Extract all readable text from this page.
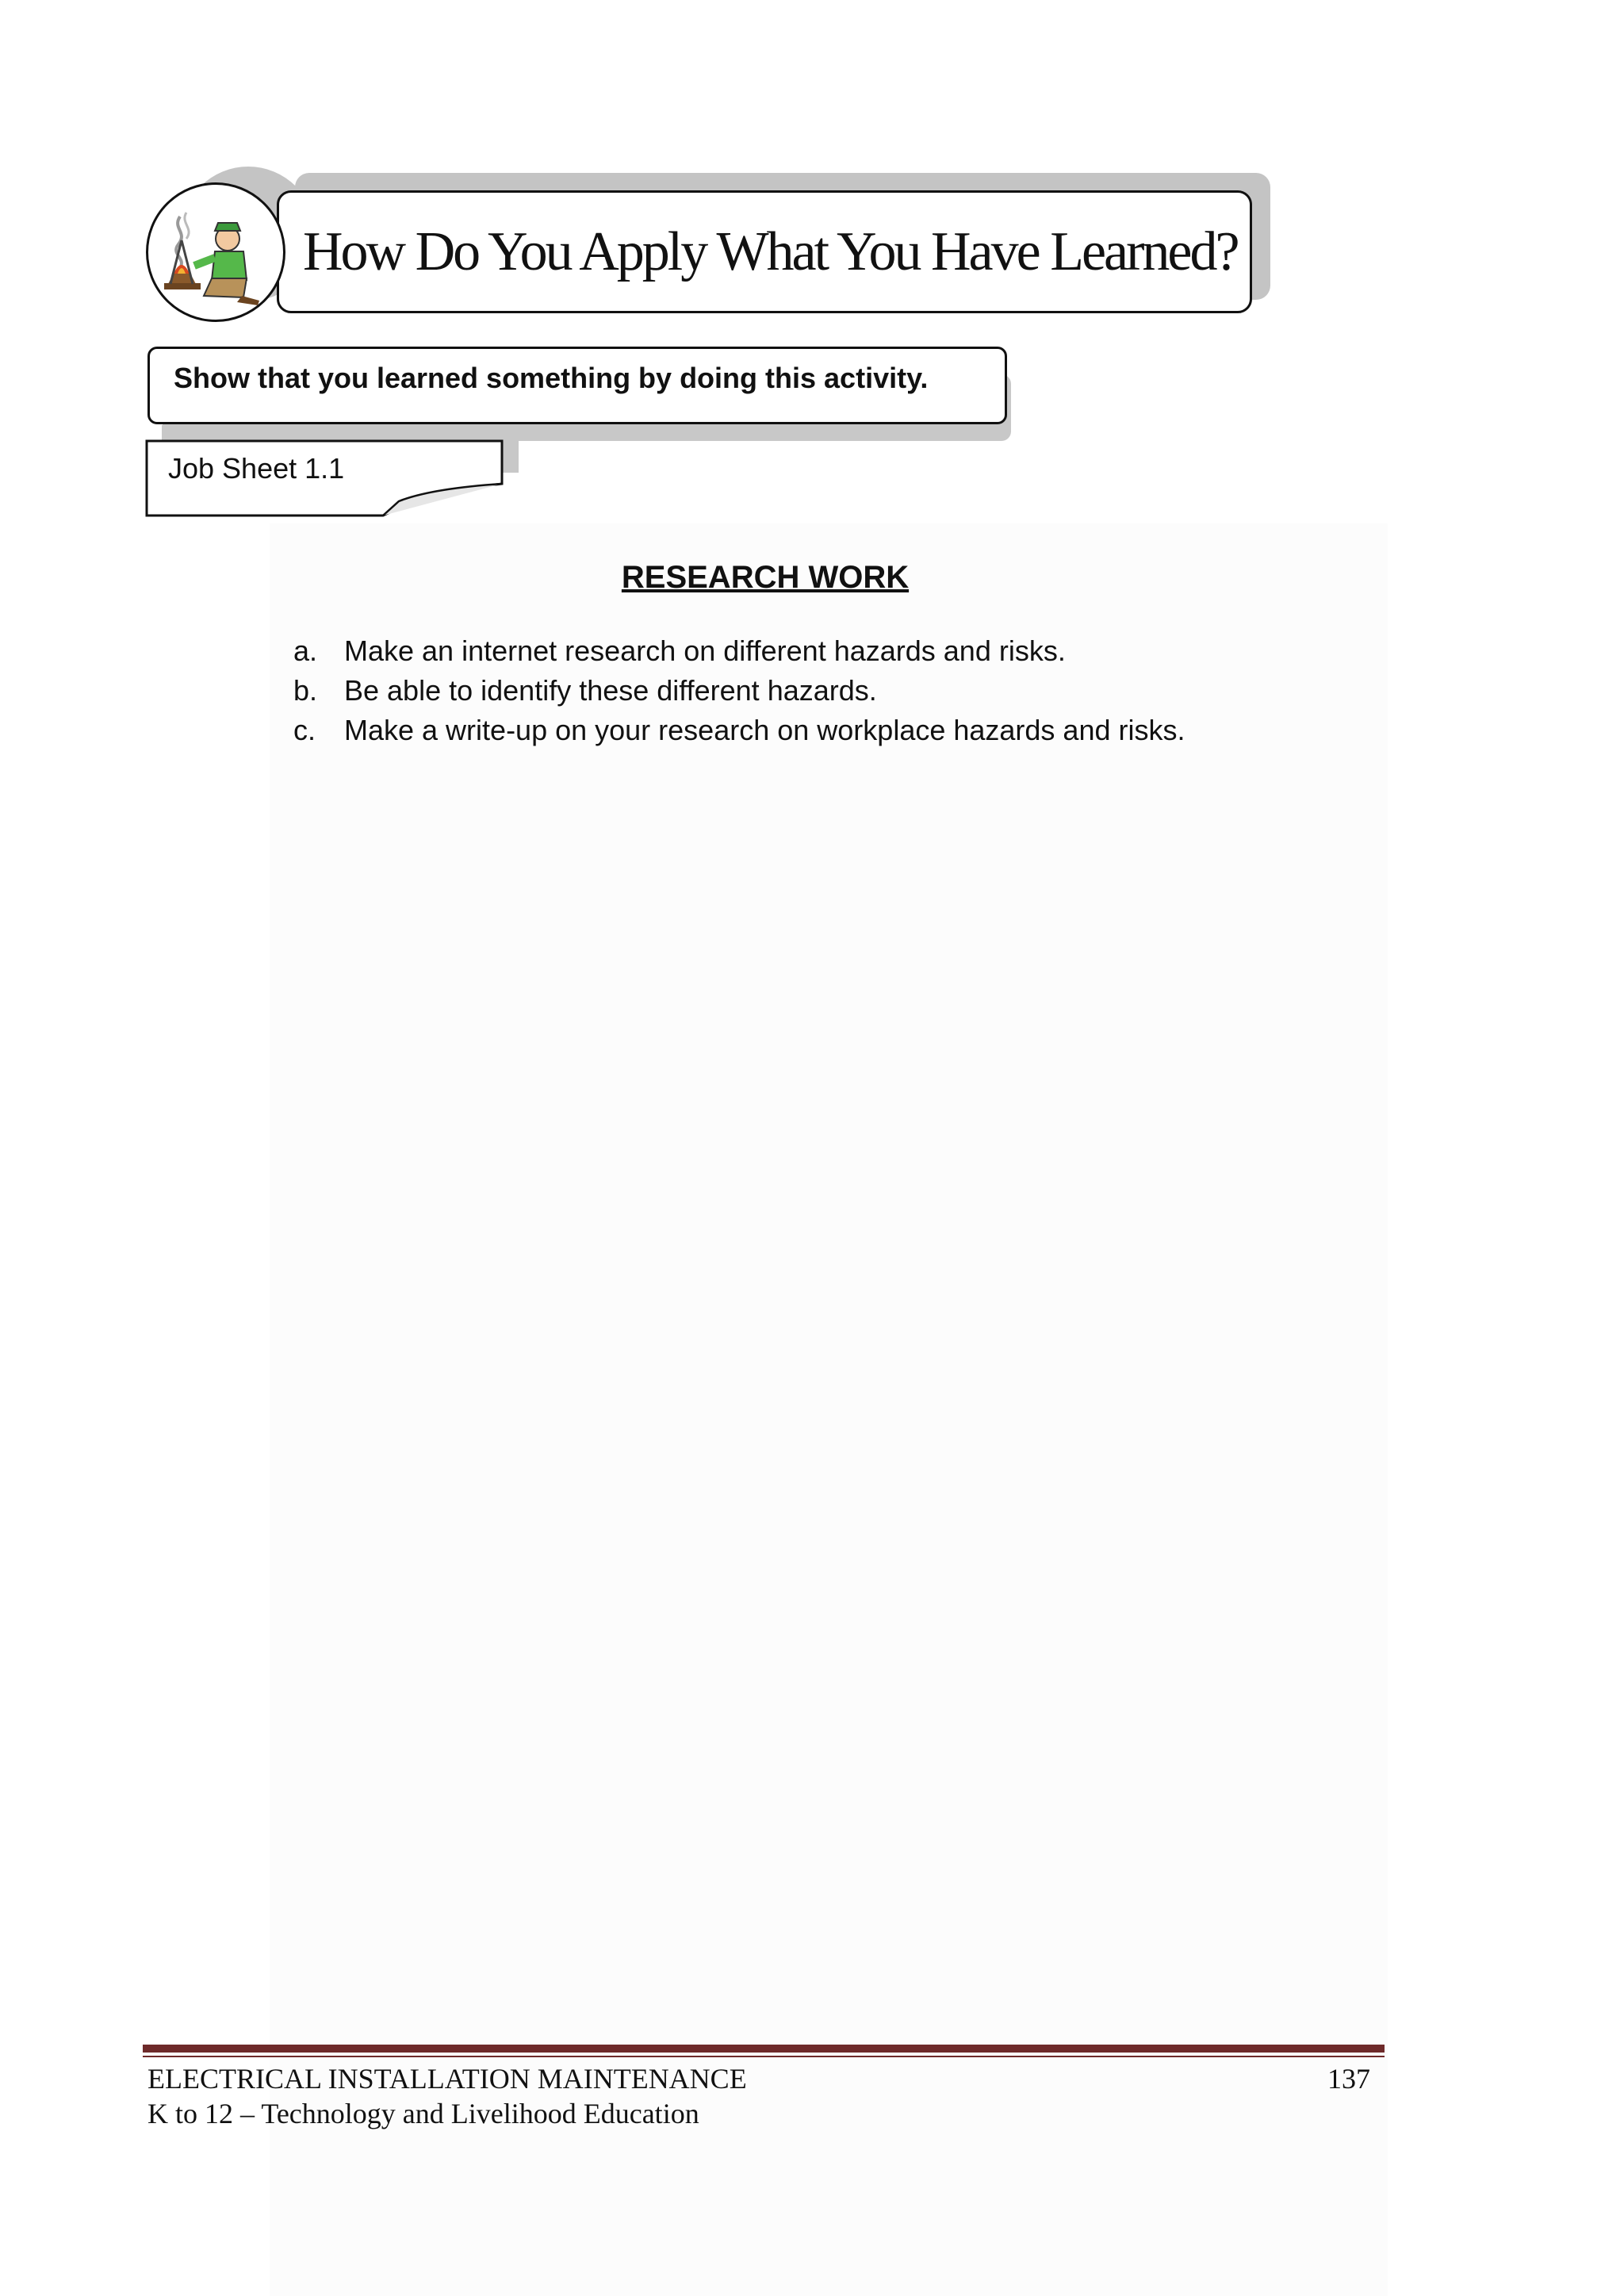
How Do You Apply What You Have Learned?
Show that you learned something by doing this activity.
Job Sheet 1.1
RESEARCH WORK
a. Make an internet research on different hazards and risks.
b. Be able to identify these different hazards.
c. Make a write-up on your research on workplace hazards and risks.
ELECTRICAL INSTALLATION MAINTENANCE
K to 12 – Technology and Livelihood Education
137
